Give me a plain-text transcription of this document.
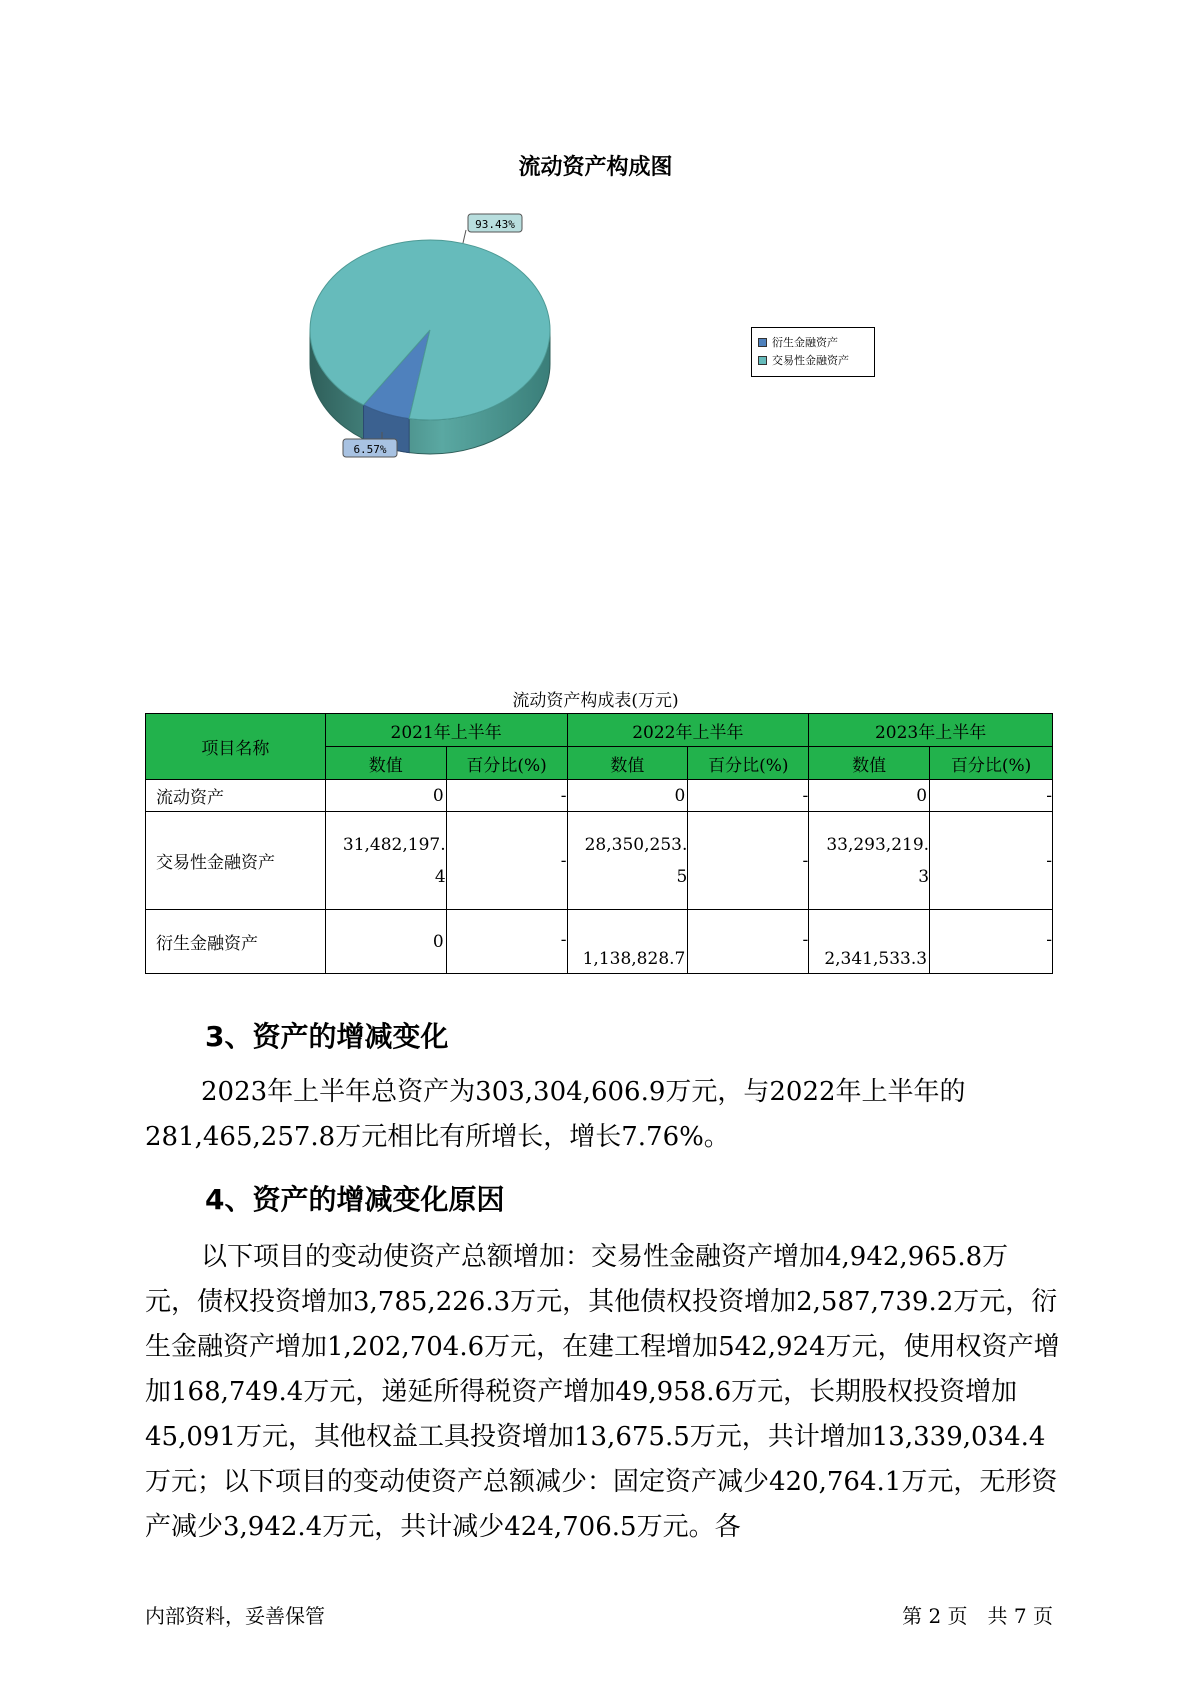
流动资产构成图
93.43%
6.57%
衍生金融资产
交易性金融资产
流动资产构成表(万元)
项目名称	2021年上半年		2022年上半年		2023年上半年	
	数值	百分比(%)	数值	百分比(%)	数值	百分比(%)
流动资产	0	-	0	-	0	-
交易性金融资产	31,482,197.4	-	28,350,253.5	-	33,293,219.3	-
衍生金融资产	0	-	1,138,828.7	-	2,341,533.3	-
3、资产的增减变化

2023年上半年总资产为303,304,606.9万元，与2022年上半年的281,465,257.8万元相比有所增长，增长7.76%。

4、资产的增减变化原因

以下项目的变动使资产总额增加：交易性金融资产增加4,942,965.8万元，债权投资增加3,785,226.3万元，其他债权投资增加2,587,739.2万元，衍生金融资产增加1,202,704.6万元，在建工程增加542,924万元，使用权资产增加168,749.4万元，递延所得税资产增加49,958.6万元，长期股权投资增加45,091万元，其他权益工具投资增加13,675.5万元，共计增加13,339,034.4万元；以下项目的变动使资产总额减少：固定资产减少420,764.1万元，无形资产减少3,942.4万元，共计减少424,706.5万元。各

内部资料，妥善保管	第 2 页　共 7 页
